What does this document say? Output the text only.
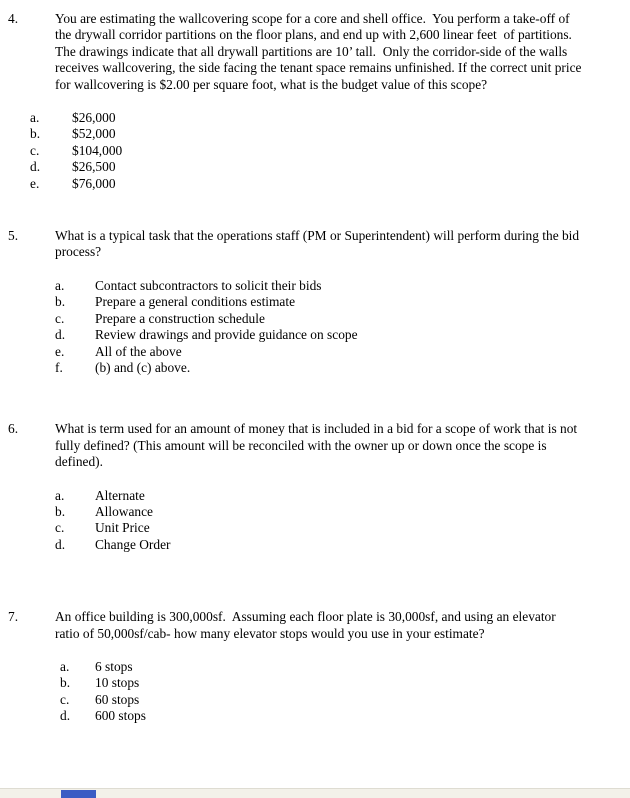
4.	You are estimating the wallcovering scope for a core and shell office.  You perform a take-off of the drywall corridor partitions on the floor plans, and end up with 2,600 linear feet  of partitions. The drawings indicate that all drywall partitions are 10’ tall.  Only the corridor-side of the walls receives wallcovering, the side facing the tenant space remains unfinished. If the correct unit price for wallcovering is $2.00 per square foot, what is the budget value of this scope?
a.	$26,000
b.	$52,000
c.	$104,000
d.	$26,500
e.	$76,000
5.	What is a typical task that the operations staff (PM or Superintendent) will perform during the bid process?
a.	Contact subcontractors to solicit their bids
b.	Prepare a general conditions estimate
c.	Prepare a construction schedule
d.	Review drawings and provide guidance on scope
e.	All of the above
f.	(b) and (c) above.
6.	What is term used for an amount of money that is included in a bid for a scope of work that is not fully defined? (This amount will be reconciled with the owner up or down once the scope is defined).
a.	Alternate
b.	Allowance
c.	Unit Price
d.	Change Order
7.	An office building is 300,000sf.  Assuming each floor plate is 30,000sf, and using an elevator ratio of 50,000sf/cab- how many elevator stops would you use in your estimate?
a.	6 stops
b.	10 stops
c.	60 stops
d.	600 stops
